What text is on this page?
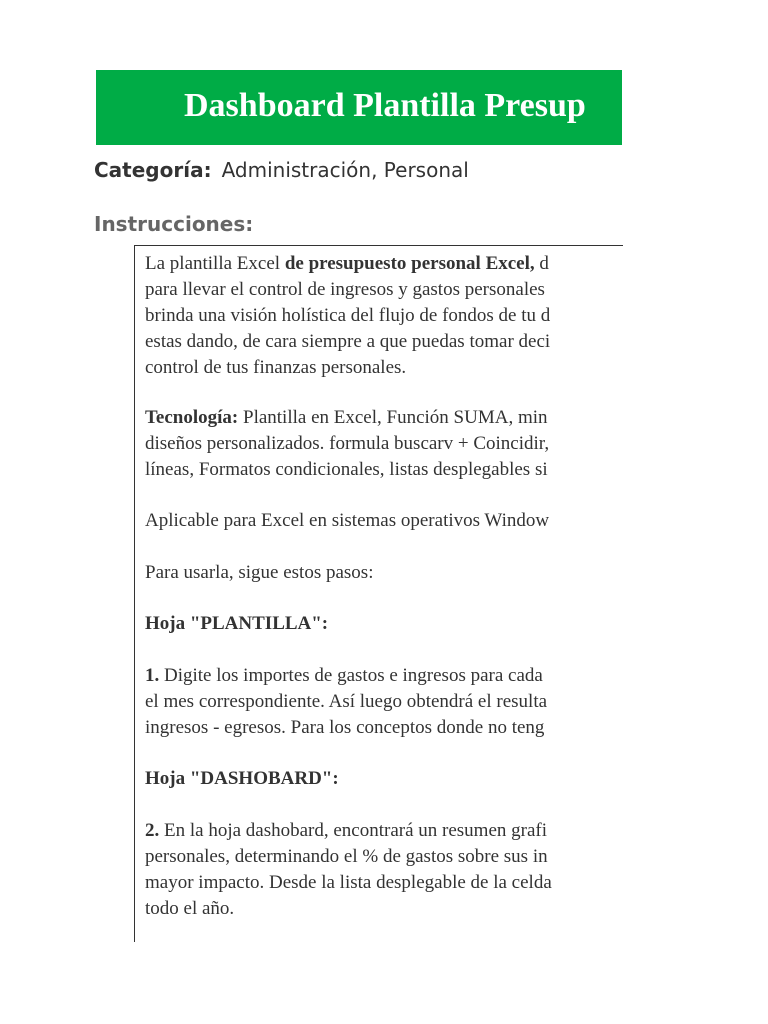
Dashboard Plantilla Presup
Categoría: Administración, Personal
Instrucciones:
La plantilla Excel de presupuesto personal Excel, d
para llevar el control de ingresos y gastos personales
brinda una visión holística del flujo de fondos de tu d
estas dando, de cara siempre a que puedas tomar deci
control de tus finanzas personales.
Tecnología: Plantilla en Excel, Función SUMA, min
diseños personalizados. formula buscarv + Coincidir,
líneas, Formatos condicionales, listas desplegables si
Aplicable para Excel en sistemas operativos Window
Para usarla, sigue estos pasos:
Hoja "PLANTILLA":
1. Digite los importes de gastos e ingresos para cada
el mes correspondiente. Así luego obtendrá el resulta
ingresos - egresos. Para los conceptos donde no teng
Hoja "DASHOBARD":
2. En la hoja dashobard, encontrará un resumen grafi
personales, determinando el % de gastos sobre sus in
mayor impacto. Desde la lista desplegable de la celda
todo el año.
